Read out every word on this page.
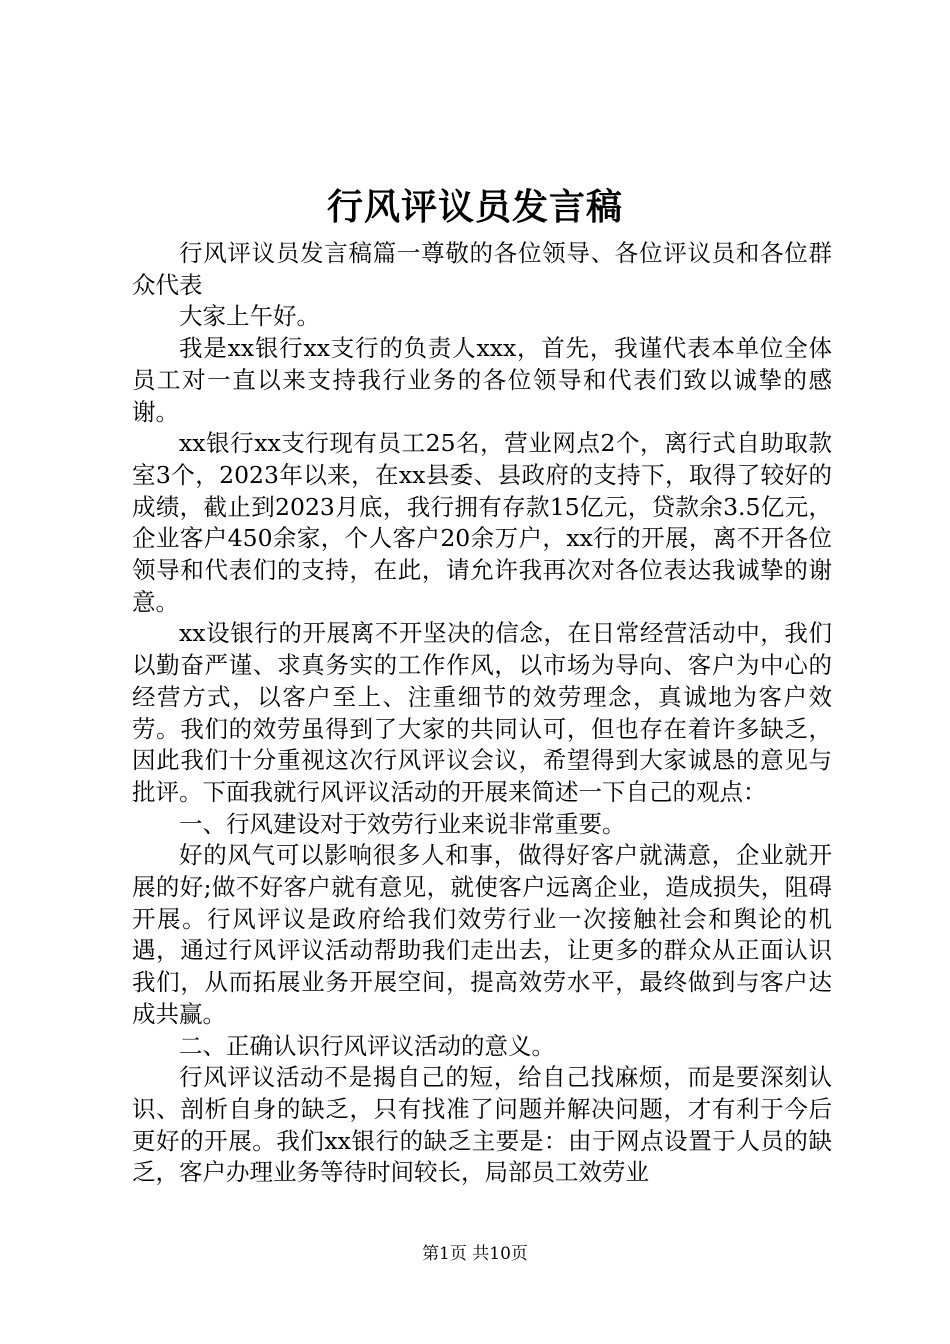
行风评议员发言稿

行风评议员发言稿篇一尊敬的各位领导、各位评议员和各位群众代表

大家上午好。

我是xx银行xx支行的负责人xxx，首先，我谨代表本单位全体员工对一直以来支持我行业务的各位领导和代表们致以诚挚的感谢。

xx银行xx支行现有员工25名，营业网点2个，离行式自助取款室3个，2023年以来，在xx县委、县政府的支持下，取得了较好的成绩，截止到2023月底，我行拥有存款15亿元，贷款余3.5亿元，企业客户450余家，个人客户20余万户，xx行的开展，离不开各位领导和代表们的支持，在此，请允许我再次对各位表达我诚挚的谢意。

xx设银行的开展离不开坚决的信念，在日常经营活动中，我们以勤奋严谨、求真务实的工作作风，以市场为导向、客户为中心的经营方式，以客户至上、注重细节的效劳理念，真诚地为客户效劳。我们的效劳虽得到了大家的共同认可，但也存在着许多缺乏，因此我们十分重视这次行风评议会议，希望得到大家诚恳的意见与批评。下面我就行风评议活动的开展来简述一下自己的观点：

一、行风建设对于效劳行业来说非常重要。

好的风气可以影响很多人和事，做得好客户就满意，企业就开展的好;做不好客户就有意见，就使客户远离企业，造成损失，阻碍开展。行风评议是政府给我们效劳行业一次接触社会和舆论的机遇，通过行风评议活动帮助我们走出去，让更多的群众从正面认识我们，从而拓展业务开展空间，提高效劳水平，最终做到与客户达成共赢。

二、正确认识行风评议活动的意义。

行风评议活动不是揭自己的短，给自己找麻烦，而是要深刻认识、剖析自身的缺乏，只有找准了问题并解决问题，才有利于今后更好的开展。我们xx银行的缺乏主要是：由于网点设置于人员的缺乏，客户办理业务等待时间较长，局部员工效劳业

第1页 共10页
